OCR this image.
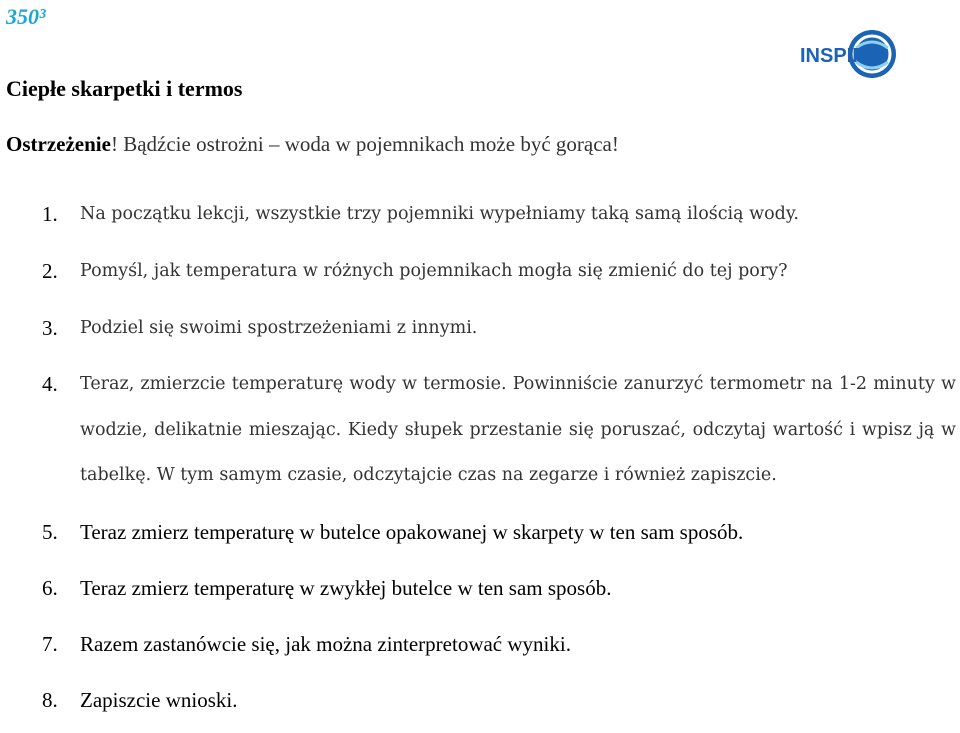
350³
INSPIRE
Ciepłe skarpetki i termos
Ostrzeżenie! Bądźcie ostrożni – woda w pojemnikach może być gorąca!
1.	Na początku lekcji, wszystkie trzy pojemniki wypełniamy taką samą ilością wody.
2.	Pomyśl, jak temperatura w różnych pojemnikach mogła się zmienić do tej pory?
3.	Podziel się swoimi spostrzeżeniami z innymi.
4.	Teraz, zmierzcie temperaturę wody w termosie. Powinniście zanurzyć termometr na 1-2 minuty w wodzie, delikatnie mieszając. Kiedy słupek przestanie się poruszać, odczytaj wartość i wpisz ją w tabelkę. W tym samym czasie, odczytajcie czas na zegarze i również zapiszcie.
5.	Teraz zmierz temperaturę w butelce opakowanej w skarpety w ten sam sposób.
6.	Teraz zmierz temperaturę w zwykłej butelce w ten sam sposób.
7.	Razem zastanówcie się, jak można zinterpretować wyniki.
8.	Zapiszcie wnioski.
